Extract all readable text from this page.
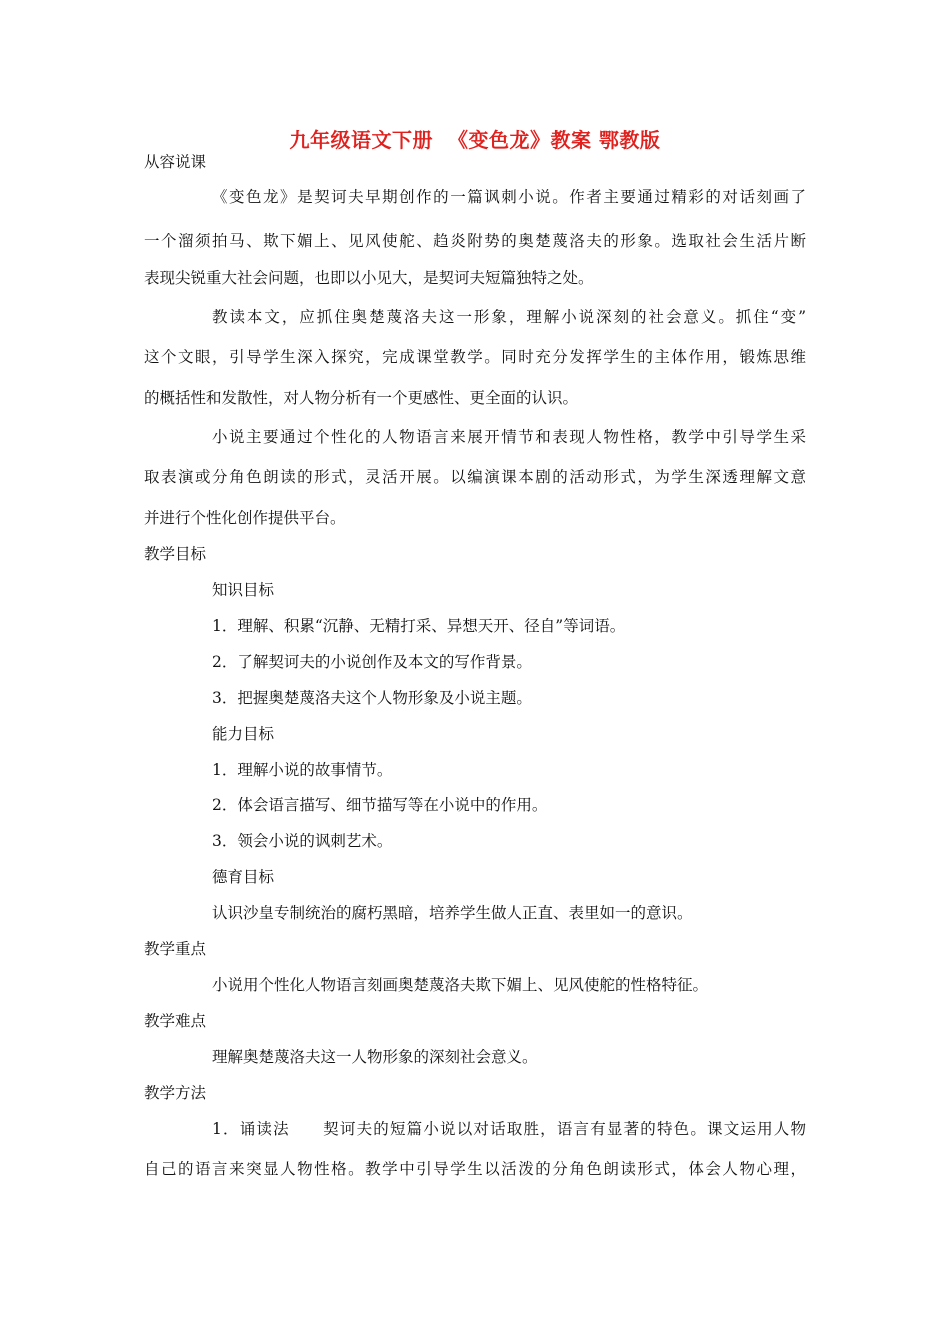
九年级语文下册  《变色龙》教案 鄂教版
从容说课
《变色龙》是契诃夫早期创作的一篇讽刺小说。作者主要通过精彩的对话刻画了
一个溜须拍马、欺下媚上、见风使舵、趋炎附势的奥楚蔑洛夫的形象。选取社会生活片断
表现尖锐重大社会问题，也即以小见大，是契诃夫短篇独特之处。
教读本文，应抓住奥楚蔑洛夫这一形象，理解小说深刻的社会意义。抓住“变”
这个文眼，引导学生深入探究，完成课堂教学。同时充分发挥学生的主体作用，锻炼思维
的概括性和发散性，对人物分析有一个更感性、更全面的认识。
小说主要通过个性化的人物语言来展开情节和表现人物性格，教学中引导学生采
取表演或分角色朗读的形式，灵活开展。以编演课本剧的活动形式，为学生深透理解文意
并进行个性化创作提供平台。
教学目标
知识目标
1．理解、积累“沉静、无精打采、异想天开、径自”等词语。
2．了解契诃夫的小说创作及本文的写作背景。
3．把握奥楚蔑洛夫这个人物形象及小说主题。
能力目标
1．理解小说的故事情节。
2．体会语言描写、细节描写等在小说中的作用。
3．领会小说的讽刺艺术。
德育目标
认识沙皇专制统治的腐朽黑暗，培养学生做人正直、表里如一的意识。
教学重点
小说用个性化人物语言刻画奥楚蔑洛夫欺下媚上、见风使舵的性格特征。
教学难点
理解奥楚蔑洛夫这一人物形象的深刻社会意义。
教学方法
1．诵读法　　契诃夫的短篇小说以对话取胜，语言有显著的特色。课文运用人物
自己的语言来突显人物性格。教学中引导学生以活泼的分角色朗读形式，体会人物心理，
